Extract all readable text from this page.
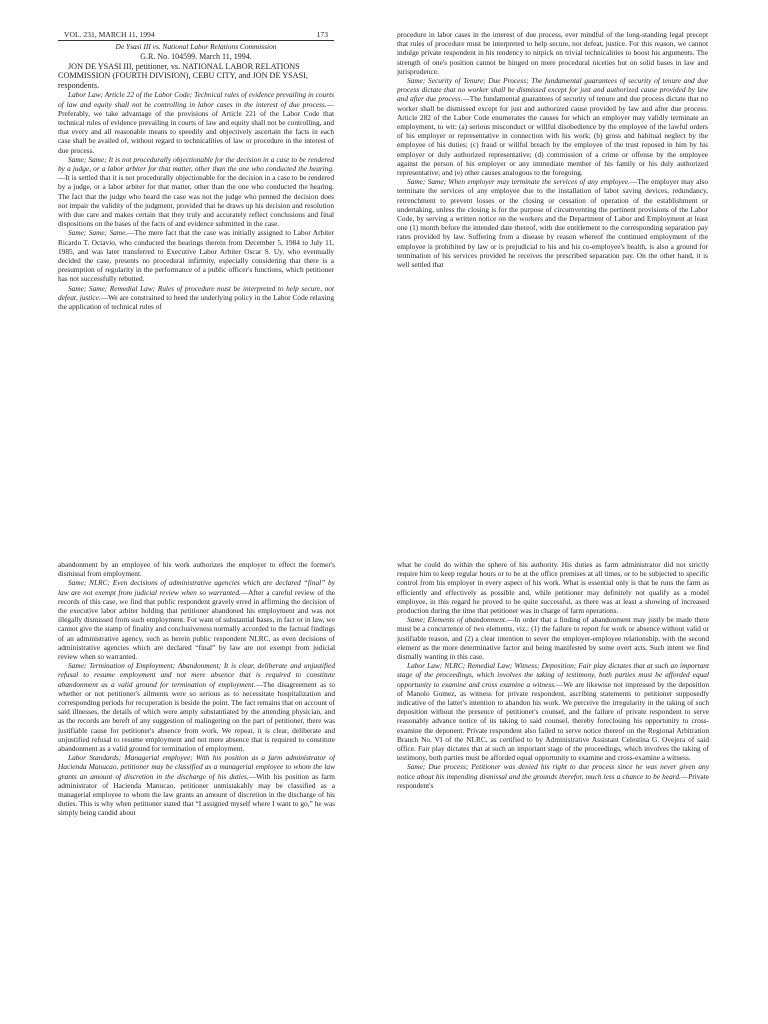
VOL. 231, MARCH 11, 1994	173
De Ysasi III vs. National Labor Relations Commission
G.R. No. 104599. March 11, 1994.

JON DE YSASI III, petitioner, vs. NATIONAL LABOR RELATIONS COMMISSION (FOURTH DIVISION), CEBU CITY, and JON DE YSASI, respondents.

Labor Law; Article 22 of the Labor Code; Technical rules of evidence prevailing in courts of law and equity shall not be controlling in labor cases in the interest of due process.—Preferably, we take advantage of the provisions of Article 221 of the Labor Code that technical rules of evidence prevailing in courts of law and equity shall not be controlling, and that every and all reasonable means to speedily and objectively ascertain the facts in each case shall be availed of, without regard to technicalities of law or procedure in the interest of due process.

Same; Same; It is not procedurally objectionable for the decision in a case to be rendered by a judge, or a labor arbiter for that matter, other than the one who conducted the hearing.—It is settled that it is not procedurally objectionable for the decision in a case to be rendered by a judge, or a labor arbiter for that matter, other than the one who conducted the hearing. The fact that the judge who heard the case was not the judge who penned the decision does not impair the validity of the judgment, provided that he draws up his decision and resolution with due care and makes certain that they truly and accurately reflect conclusions and final dispositions on the bases of the facts of and evidence submitted in the case.

Same; Same; Same.—The mere fact that the case was initially assigned to Labor Arbiter Ricardo T. Octavio, who conducted the hearings therein from December 5, 1984 to July 11, 1985, and was later transferred to Executive Labor Arbiter Oscar S. Uy, who eventually decided the case, presents no procedural infirmity, especially considering that there is a presumption of regularity in the performance of a public officer's functions, which petitioner has not successfully rebutted.

Same; Same; Remedial Law; Rules of procedure must be interpreted to help secure, not defeat, justice.—We are constrained to heed the underlying policy in the Labor Code relaxing the application of technical rules of

procedure in labor cases in the interest of due process, ever mindful of the long-standing legal precept that rules of procedure must be interpreted to help secure, not defeat, justice. For this reason, we cannot indulge private respondent in his tendency to nitpick on trivial technicalities to boost his arguments. The strength of one's position cannot be hinged on mere procedural niceties but on solid bases in law and jurisprudence.

Same; Security of Tenure; Due Process; The fundamental guarantees of security of tenure and due process dictate that no worker shall be dismissed except for just and authorized cause provided by law and after due process.—The fundamental guarantees of security of tenure and due process dictate that no worker shall be dismissed except for just and authorized cause provided by law and after due process. Article 282 of the Labor Code enumerates the causes for which an employer may validly terminate an employment, to wit: (a) serious misconduct or willful disobedience by the employee of the lawful orders of his employer or representative in connection with his work; (b) gross and habitual neglect by the employee of his duties; (c) fraud or willful breach by the employee of the trust reposed in him by his employer or duly authorized representative; (d) commission of a crime or offense by the employee against the person of his employer or any immediate member of his family or his duly authorized representative; and (e) other causes analogous to the foregoing.

Same; Same; When employer may terminate the services of any employee.—The employer may also terminate the services of any employee due to the installation of labor saving devices, redundancy, retrenchment to prevent losses or the closing or cessation of operation of the establishment or undertaking, unless the closing is for the purpose of circumventing the pertinent provisions of the Labor Code, by serving a written notice on the workers and the Department of Labor and Employment at least one (1) month before the intended date thereof, with due entitlement to the corresponding separation pay rates provided by law. Suffering from a disease by reason whereof the continued employment of the employee is prohibited by law or is prejudicial to his and his co-employee's health, is also a ground for termination of his services provided he receives the prescribed separation pay. On the other hand, it is well settled that

abandonment by an employee of his work authorizes the employer to effect the former's dismissal from employment.

Same; NLRC; Even decisions of administrative agencies which are declared “final” by law are not exempt from judicial review when so warranted.—After a careful review of the records of this case, we find that public respondent gravely erred in affirming the decision of the executive labor arbiter holding that petitioner abandoned his employment and was not illegally dismissed from such employment. For want of substantial bases, in fact or in law, we cannot give the stamp of finality and conclusiveness normally accorded to the factual findings of an administrative agency, such as herein public respondent NLRC, as even decisions of administrative agencies which are declared “final” by law are not exempt from judicial review when so warranted.

Same; Termination of Employment; Abandonment; It is clear, deliberate and unjustified refusal to resume employment and not mere absence that is required to constitute abandonment as a valid ground for termination of employment.—The disagreement as to whether or not petitioner's ailments were so serious as to necessitate hospitalization and corresponding periods for recuperation is beside the point. The fact remains that on account of said illnesses, the details of which were amply substantiated by the attending physician, and as the records are bereft of any suggestion of malingering on the part of petitioner, there was justifiable cause for petitioner's absence from work. We repeat, it is clear, deliberate and unjustified refusal to resume employment and not mere absence that is required to constitute abandonment as a valid ground for termination of employment.

Labor Standards; Managerial employee; With his position as a farm administrator of Hacienda Manucao, petitioner may be classified as a managerial employee to whom the law grants an amount of discretion in the discharge of his duties.—With his position as farm administrator of Hacienda Manucao, petitioner unmistakably may be classified as a managerial employee to whom the law grants an amount of discretion in the discharge of his duties. This is why when petitioner stated that “I assigned myself where I want to go,” he was simply being candid about

what he could do within the sphere of his authority. His duties as farm administrator did not strictly require him to keep regular hours or to be at the office premises at all times, or to be subjected to specific control from his employer in every aspect of his work. What is essential only is that he runs the farm as efficiently and effectively as possible and, while petitioner may definitely not qualify as a model employee, in this regard he proved to be quite successful, as there was at least a showing of increased production during the time that petitioner was in charge of farm operations.

Same; Elements of abandonment.—In order that a finding of abandonment may justly be made there must be a concurrence of two elements, viz.: (1) the failure to report for work or absence without valid or justifiable reason, and (2) a clear intention to sever the employer-employee relationship, with the second element as the more determinative factor and being manifested by some overt acts. Such intent we find dismally wanting in this case.

Labor Law; NLRC; Remedial Law; Witness; Deposition; Fair play dictates that at such an important stage of the proceedings, which involves the taking of testimony, both parties must be afforded equal opportunity to examine and cross examine a witness.—We are likewise not impressed by the deposition of Manolo Gomez, as witness for private respondent, ascribing statements to petitioner supposedly indicative of the latter's intention to abandon his work. We perceive the irregularity in the taking of such deposition without the presence of petitioner's counsel, and the failure of private respondent to serve reasonably advance notice of its taking to said counsel, thereby foreclosing his opportunity to cross-examine the deponent. Private respondent also failed to serve notice thereof on the Regional Arbitration Branch No. VI of the NLRC, as certified to by Administrative Assistant Celestina G. Ovejera of said office. Fair play dictates that at such an important stage of the proceedings, which involves the taking of testimony, both parties must be afforded equal opportunity to examine and cross-examine a witness.

Same; Due process; Petitioner was denied his right to due process since he was never given any notice about his impending dismissal and the grounds therefor, much less a chance to be heard.—Private respondent's
